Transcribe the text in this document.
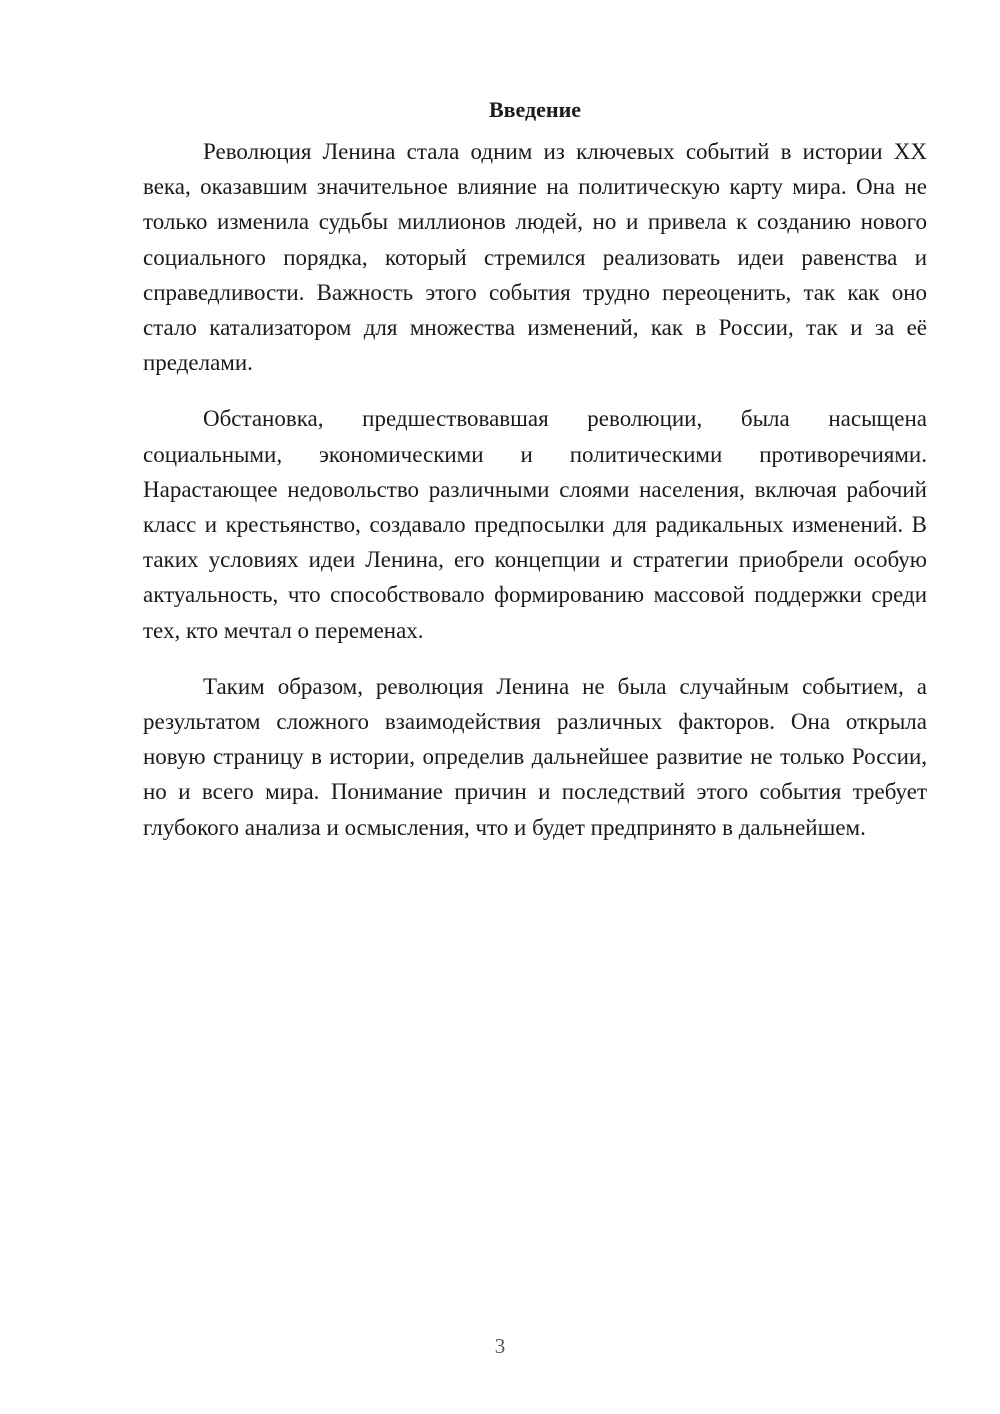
Введение

Революция Ленина стала одним из ключевых событий в истории XX века, оказавшим значительное влияние на политическую карту мира. Она не только изменила судьбы миллионов людей, но и привела к созданию нового социального порядка, который стремился реализовать идеи равенства и справедливости. Важность этого события трудно переоценить, так как оно стало катализатором для множества изменений, как в России, так и за её пределами.

Обстановка, предшествовавшая революции, была насыщена социальными, экономическими и политическими противоречиями. Нарастающее недовольство различными слоями населения, включая рабочий класс и крестьянство, создавало предпосылки для радикальных изменений. В таких условиях идеи Ленина, его концепции и стратегии приобрели особую актуальность, что способствовало формированию массовой поддержки среди тех, кто мечтал о переменах.

Таким образом, революция Ленина не была случайным событием, а результатом сложного взаимодействия различных факторов. Она открыла новую страницу в истории, определив дальнейшее развитие не только России, но и всего мира. Понимание причин и последствий этого события требует глубокого анализа и осмысления, что и будет предпринято в дальнейшем.

3
